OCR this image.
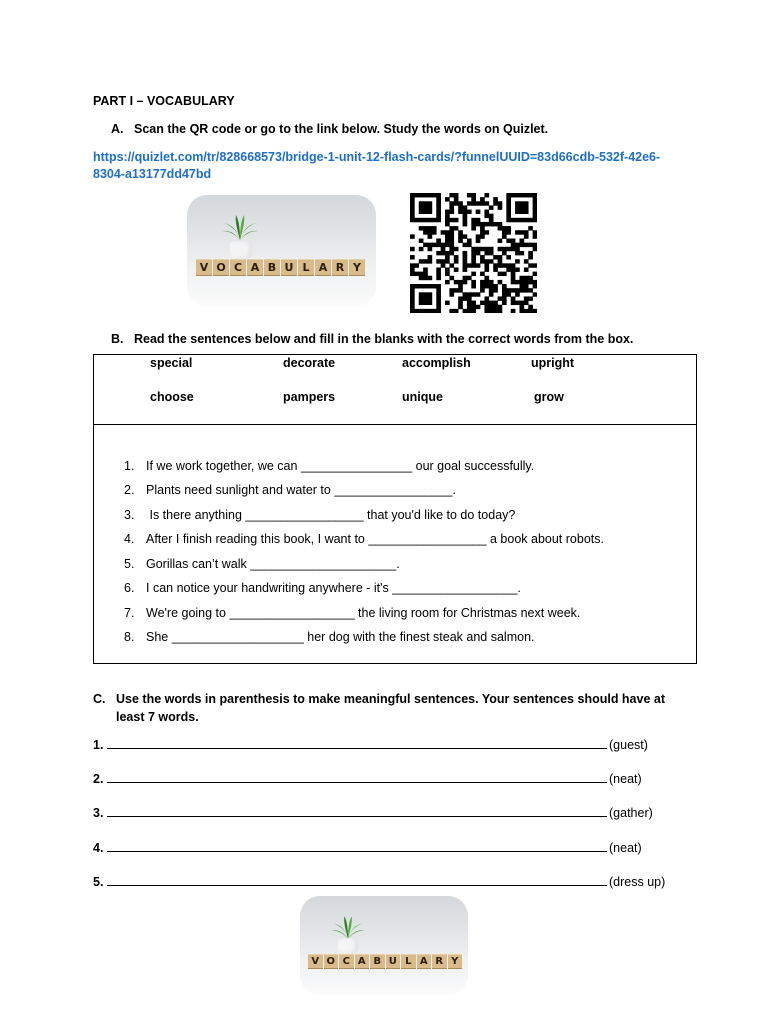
PART I – VOCABULARY
A. Scan the QR code or go to the link below. Study the words on Quizlet.
https://quizlet.com/tr/828668573/bridge-1-unit-12-flash-cards/?funnelUUID=83d66cdb-532f-42e6-8304-a13177dd47bd
V O C A B U L A R Y
B. Read the sentences below and fill in the blanks with the correct words from the box.
special	decorate	accomplish	upright
choose	pampers	unique	grow
1. If we work together, we can ________________ our goal successfully.
2. Plants need sunlight and water to _________________.
3. Is there anything _________________ that you'd like to do today?
4. After I finish reading this book, I want to _________________ a book about robots.
5. Gorillas can’t walk _____________________.
6. I can notice your handwriting anywhere - it's __________________.
7. We're going to __________________ the living room for Christmas next week.
8. She ___________________ her dog with the finest steak and salmon.
C. Use the words in parenthesis to make meaningful sentences. Your sentences should have at
least 7 words.
1.	(guest)
2.	(neat)
3.	(gather)
4.	(neat)
5.	(dress up)
V O C A B U L A R Y
